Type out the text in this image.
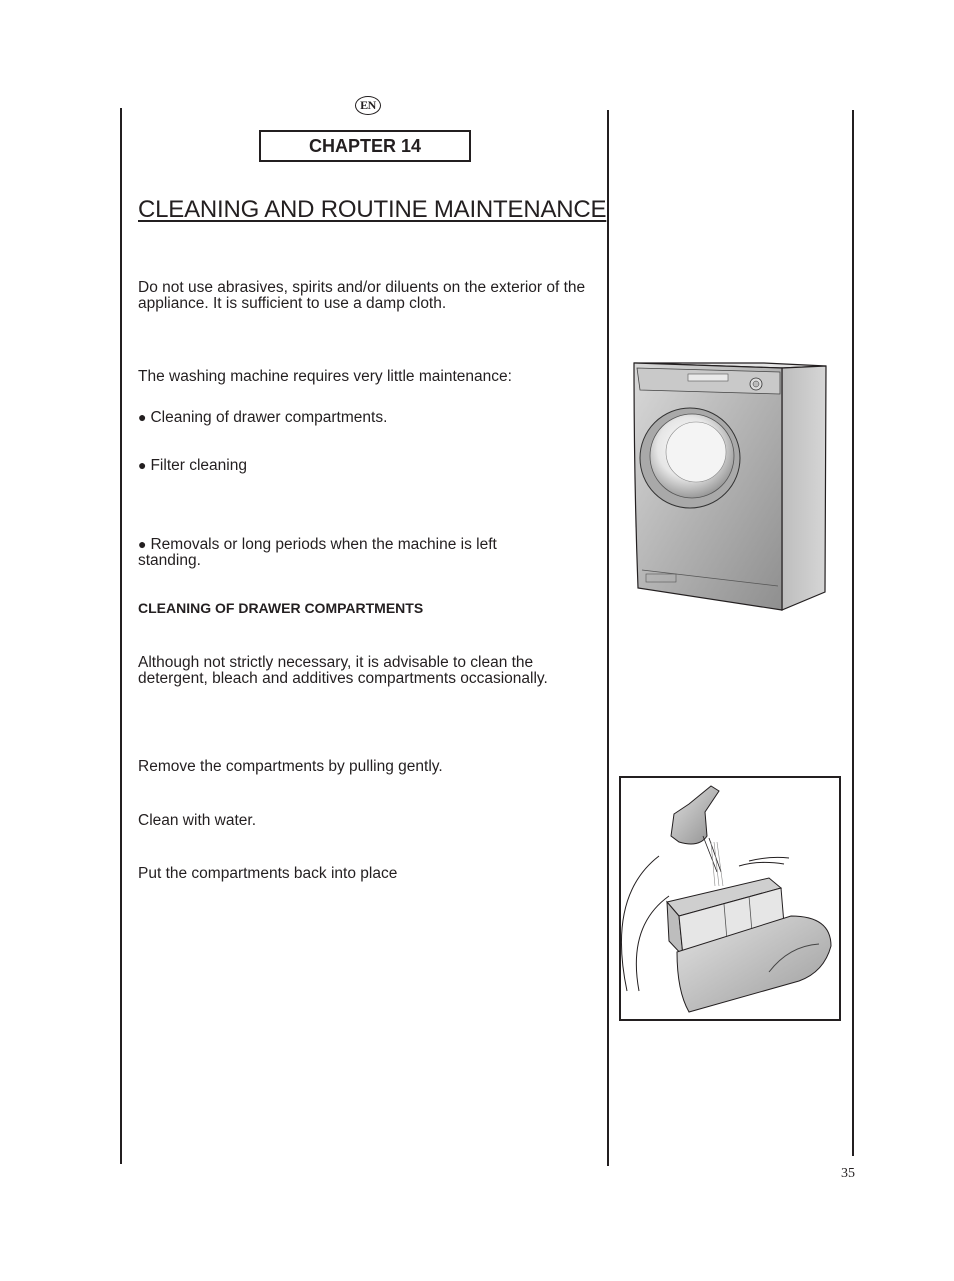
EN
CHAPTER 14
CLEANING AND ROUTINE MAINTENANCE

Do not use abrasives, spirits and/or diluents on the exterior of the appliance. It is sufficient to use a damp cloth.

The washing machine requires very little maintenance:

● Cleaning of drawer compartments.

● Filter cleaning

● Removals or long periods when the machine is left standing.

CLEANING OF DRAWER COMPARTMENTS

Although not strictly necessary, it is advisable to clean the detergent, bleach and additives compartments occasionally.

Remove the compartments by pulling gently.

Clean with water.

Put the compartments back into place

35
